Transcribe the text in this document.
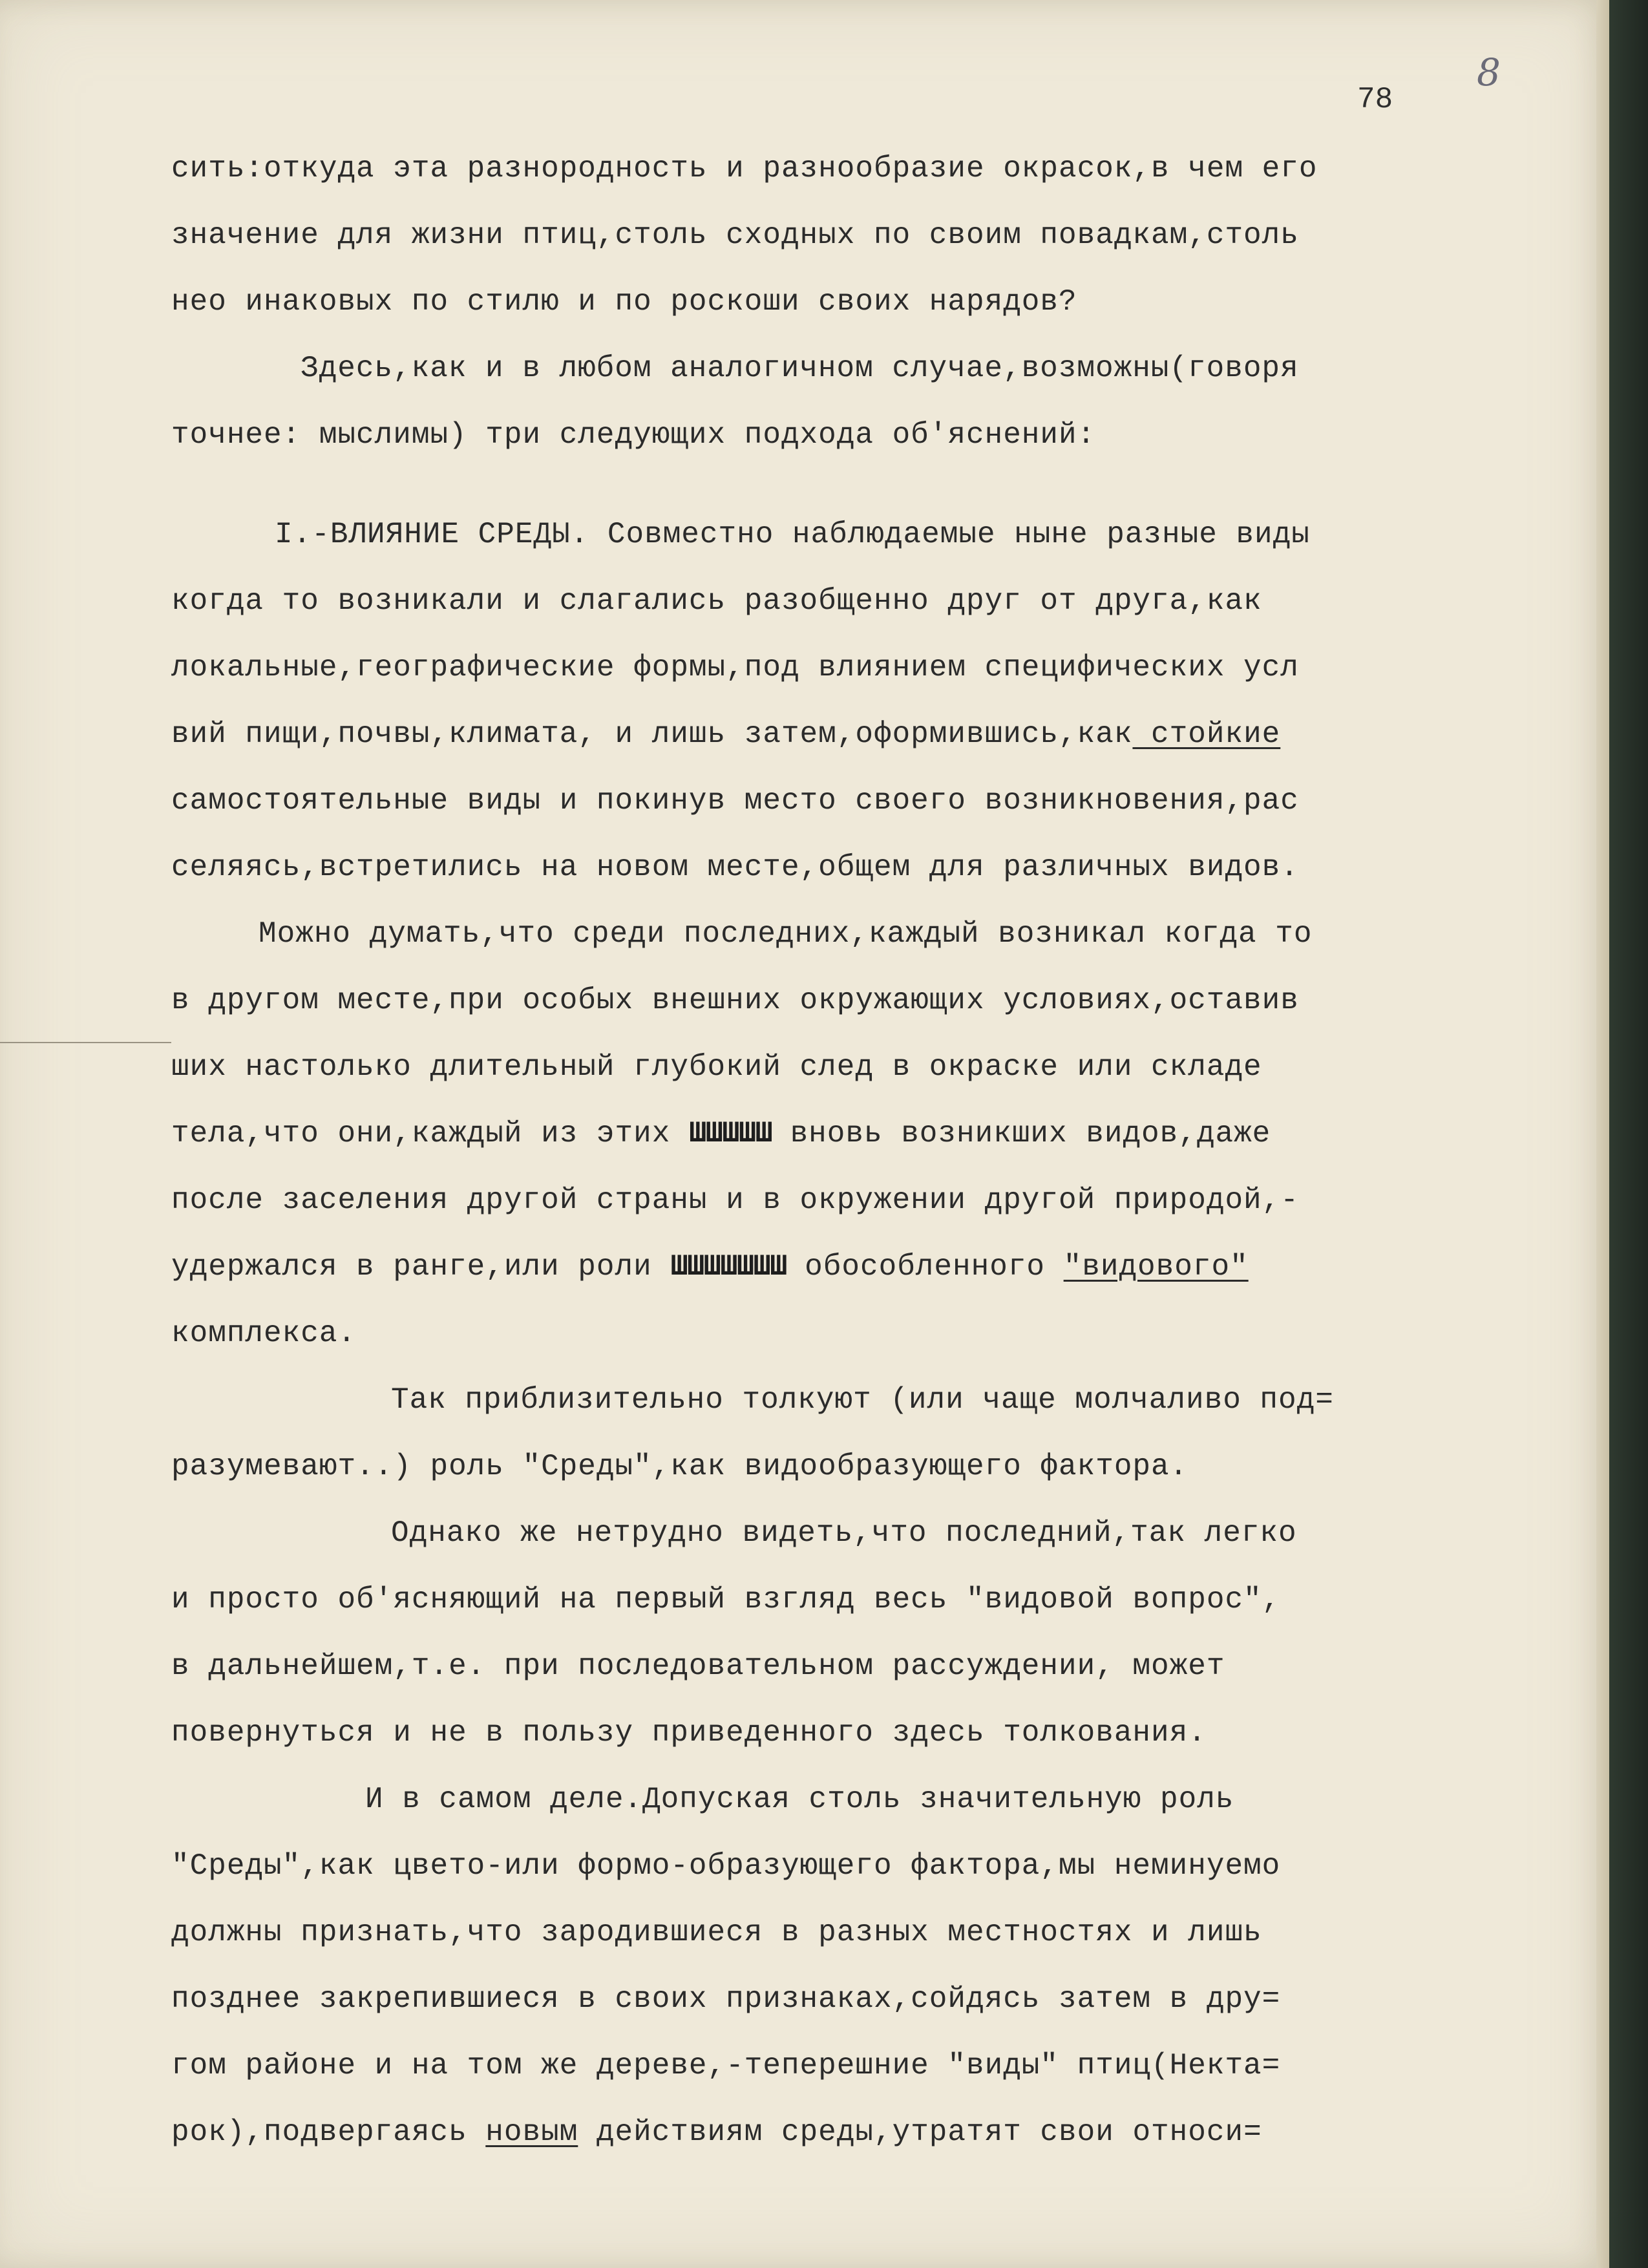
78
8
сить:откуда эта разнородность и разнообразие окрасок,в чем его
значение для жизни птиц,столь сходных по своим повадкам,столь
нео инаковых по стилю и по роскоши своих нарядов?
Здесь,как и в любом аналогичном случае,возможны(говоря
точнее: мыслимы) три следующих подхода об'яснений:
I.-ВЛИЯНИЕ СРЕДЫ. Совместно наблюдаемые ныне разные виды
когда то возникали и слагались разобщенно друг от друга,как
локальные,географические формы,под влиянием специфических усл
вий пищи,почвы,климата, и лишь затем,оформившись,как стойкие
самостоятельные виды и покинув место своего возникновения,рас
селяясь,встретились на новом месте,общем для различных видов.
Можно думать,что среди последних,каждый возникал когда то
в другом месте,при особых внешних окружающих условиях,оставив
ших настолько длительный глубокий след в окраске или складе
тела,что они,каждый из этих ШШШШШ вновь возникших видов,даже
после заселения другой страны и в окружении другой природой,-
удержался в ранге,или роли ШШШШШШШ обособленного "видового"
комплекса.
Так приблизительно толкуют (или чаще молчаливо под=
разумевают..) роль "Среды",как видообразующего фактора.
Однако же нетрудно видеть,что последний,так легко
и просто об'ясняющий на первый взгляд весь "видовой вопрос",
в дальнейшем,т.е. при последовательном рассуждении, может
повернуться и не в пользу приведенного здесь толкования.
И в самом деле.Допуская столь значительную роль
"Среды",как цвето-или формо-образующего фактора,мы неминуемо
должны признать,что зародившиеся в разных местностях и лишь
позднее закрепившиеся в своих признаках,сойдясь затем в дру=
гом районе и на том же дереве,-теперешние "виды" птиц(Некта=
рок),подвергаясь новым действиям среды,утратят свои относи=
